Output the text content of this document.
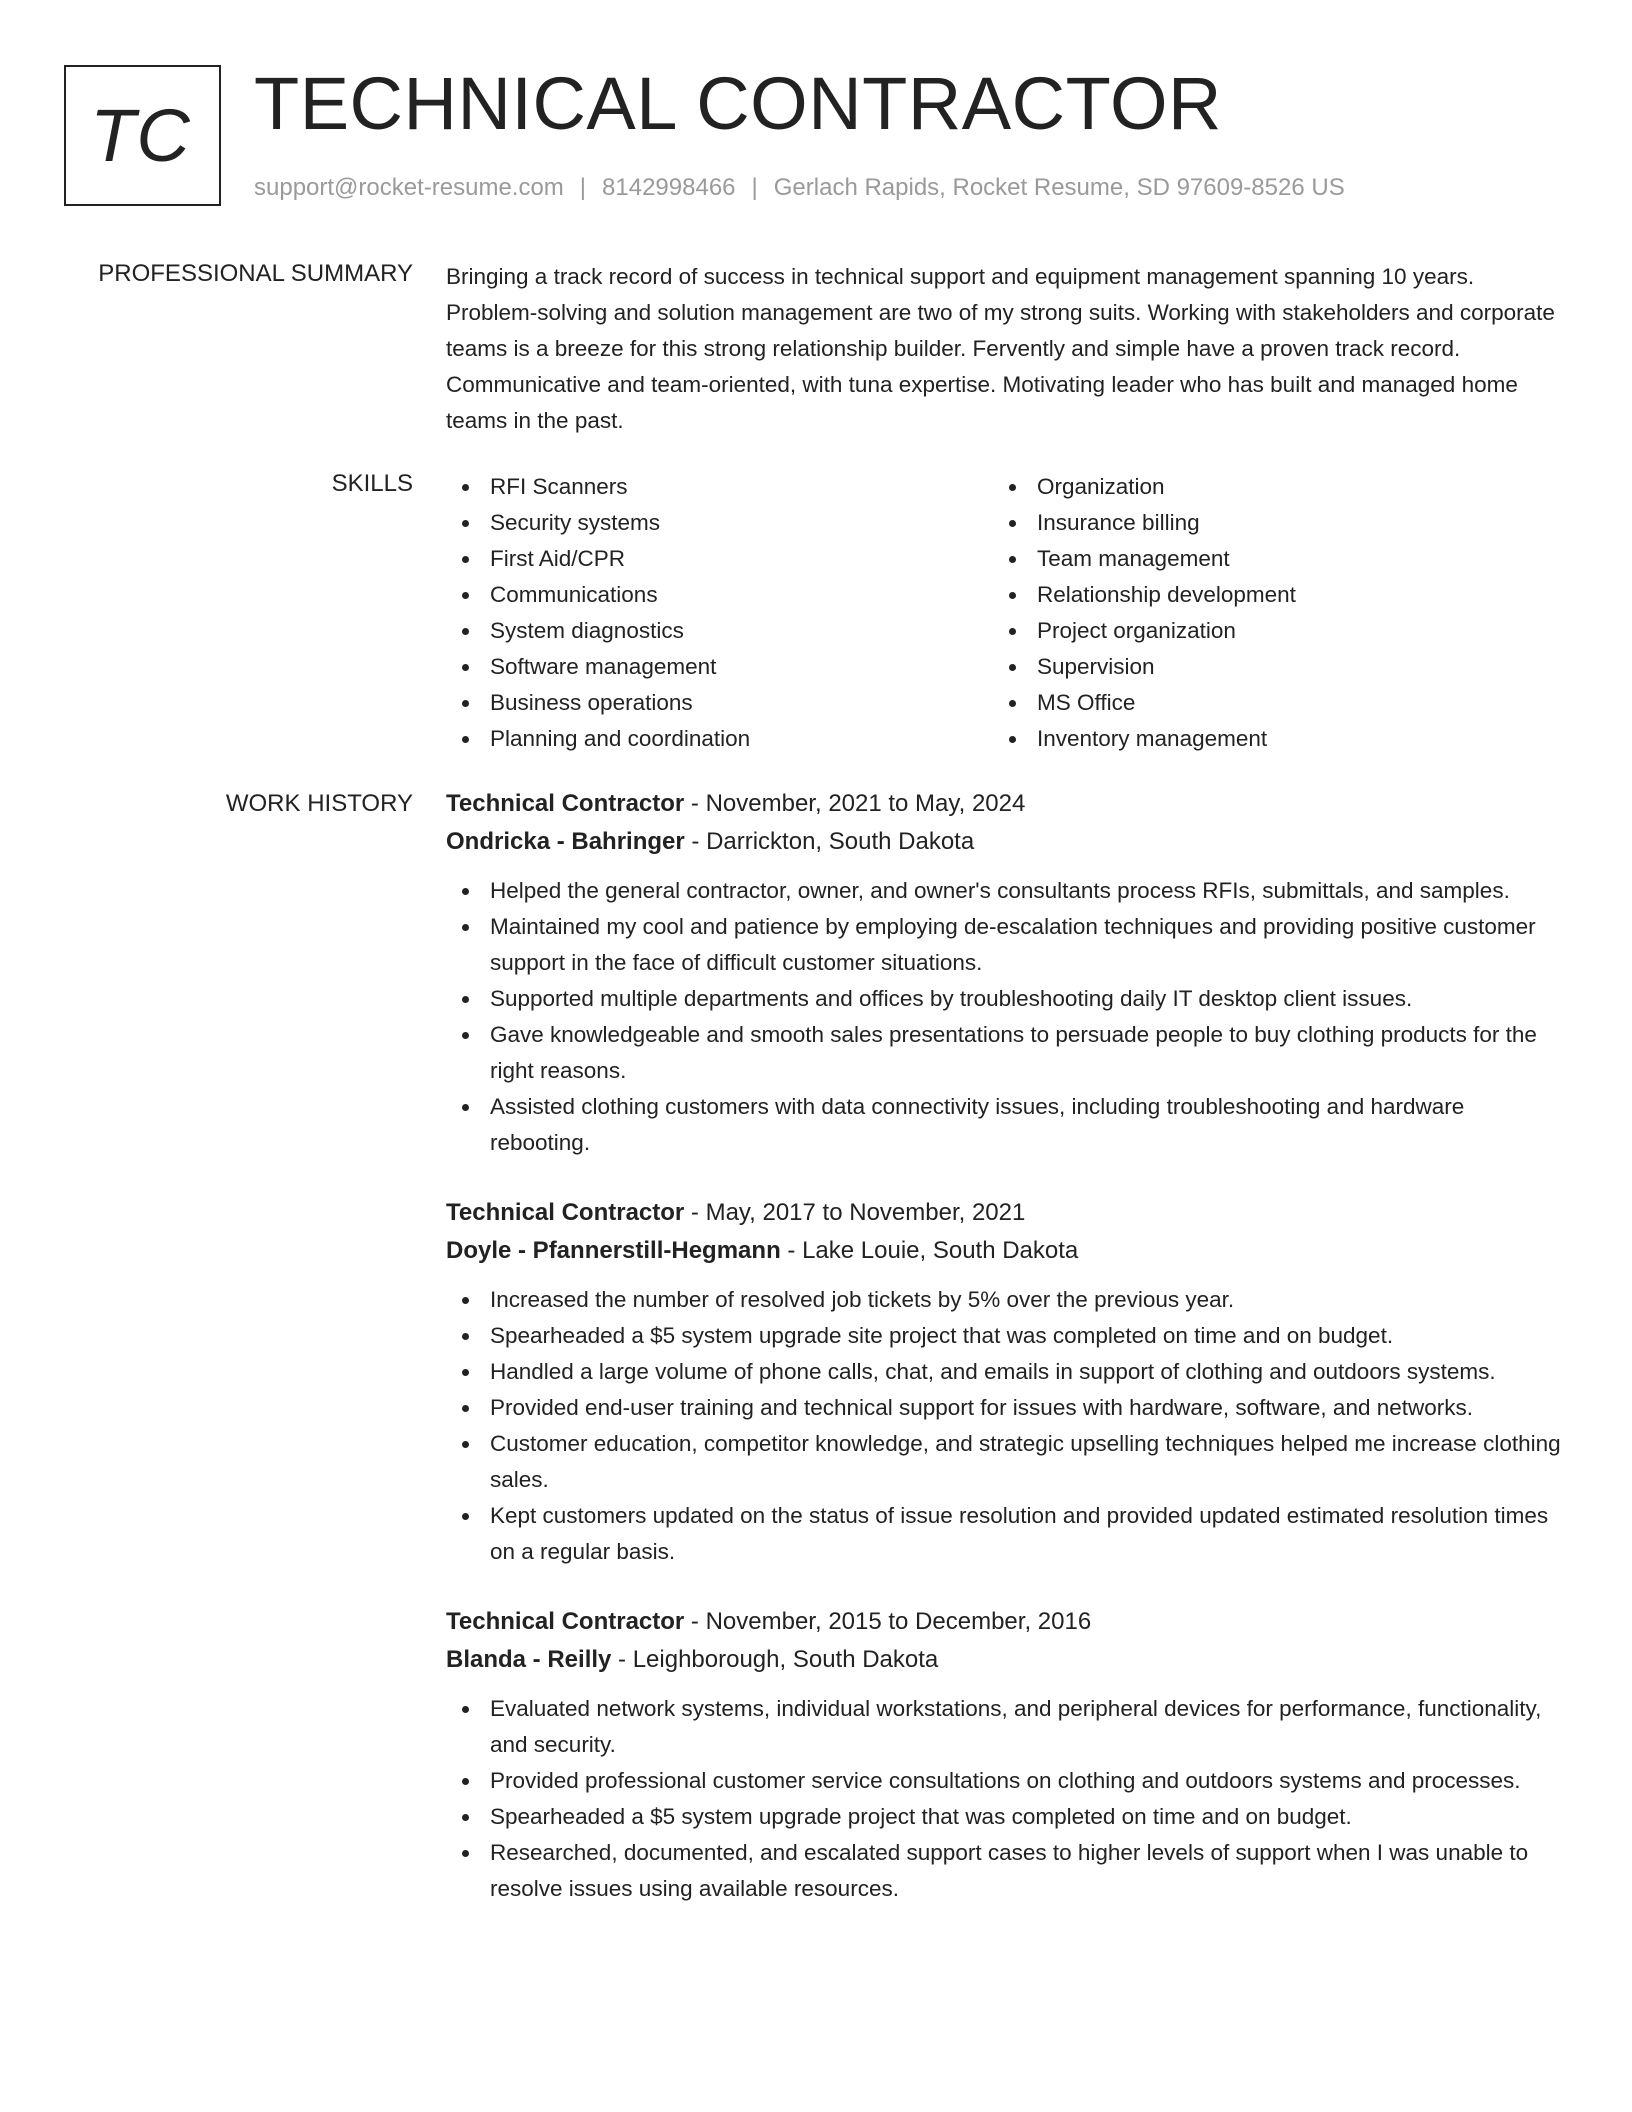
TC TECHNICAL CONTRACTOR
support@rocket-resume.com | 8142998466 | Gerlach Rapids, Rocket Resume, SD 97609-8526 US
PROFESSIONAL SUMMARY Bringing a track record of success in technical support and equipment management spanning 10 years. Problem-solving and solution management are two of my strong suits. Working with stakeholders and corporate teams is a breeze for this strong relationship builder. Fervently and simple have a proven track record. Communicative and team-oriented, with tuna expertise. Motivating leader who has built and managed home teams in the past.

SKILLS	RFI Scanners
Security systems
First Aid/CPR
Communications
System diagnostics
Software management
Business operations
Planning and coordination
Organization
Insurance billing
Team management
Relationship development
Project organization
Supervision
MS Office
Inventory management
WORK HISTORY Technical Contractor - November, 2021 to May, 2024
Ondricka - Bahringer - Darrickton, South Dakota
Helped the general contractor, owner, and owner's consultants process RFIs, submittals, and samples.
Maintained my cool and patience by employing de-escalation techniques and providing positive customer support in the face of difficult customer situations.
Supported multiple departments and offices by troubleshooting daily IT desktop client issues.
Gave knowledgeable and smooth sales presentations to persuade people to buy clothing products for the right reasons.
Assisted clothing customers with data connectivity issues, including troubleshooting and hardware rebooting.
Technical Contractor - May, 2017 to November, 2021
Doyle - Pfannerstill-Hegmann - Lake Louie, South Dakota
Increased the number of resolved job tickets by 5% over the previous year.
Spearheaded a $5 system upgrade site project that was completed on time and on budget.
Handled a large volume of phone calls, chat, and emails in support of clothing and outdoors systems.
Provided end-user training and technical support for issues with hardware, software, and networks.
Customer education, competitor knowledge, and strategic upselling techniques helped me increase clothing sales.
Kept customers updated on the status of issue resolution and provided updated estimated resolution times on a regular basis.
Technical Contractor - November, 2015 to December, 2016
Blanda - Reilly - Leighborough, South Dakota
Evaluated network systems, individual workstations, and peripheral devices for performance, functionality, and security.
Provided professional customer service consultations on clothing and outdoors systems and processes.
Spearheaded a $5 system upgrade project that was completed on time and on budget.
Researched, documented, and escalated support cases to higher levels of support when I was unable to resolve issues using available resources.
